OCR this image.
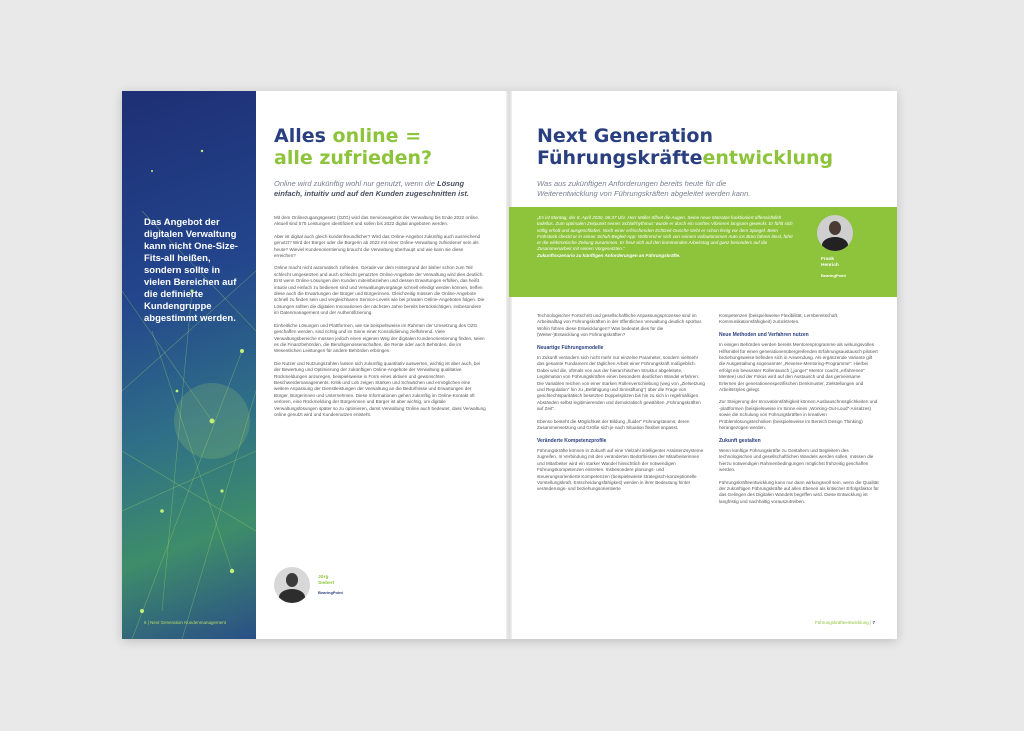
Das Angebot der digitalen Verwaltung kann nicht One-Size-Fits-all heißen, sondern sollte in vielen Bereichen auf die definierte Kundengruppe abgestimmt werden.
6 | Next Generation Kundenmanagement
Alles online =
alle zufrieden?
Online wird zukünftig wohl nur genutzt, wenn die Lösung einfach, intuitiv und auf den Kunden zugeschnitten ist.

Mit dem Onlinezugangsgesetz (OZG) wird das Serviceangebot der Verwaltung bis Ende 2022 online. Aktuell sind 575 Leistungen identifiziert und sollen bis 2022 digital angeboten werden.

Aber ist digital auch gleich kundenfreundlicher? Wird das Online-Angebot zukünftig auch ausreichend genutzt? Wird der Bürger oder die Bürgerin ab 2022 mit einer Online-Verwaltung zufriedener sein als heute? Wieviel Kundenorientierung braucht die Verwaltung überhaupt und wie kann sie diese erreichen?

Online macht nicht automatisch zufrieden. Gerade vor dem Hintergrund der bisher schon zum Teil schlecht umgesetzten und auch schlecht genutzten Online-Angebote der Verwaltung wird dies deutlich. Erst wenn Online-Lösungen den Kunden miteinbeziehen und dessen Erwartungen erfüllen, das heißt intuitiv und einfach zu bedienen sind und Verwaltungsvorgänge schnell erledigt werden können, treffen diese auch die Erwartungen der Bürger und Bürgerinnen. Gleichzeitig müssen die Online-Angebote schnell zu finden sein und vergleichbaren Service-Levels wie bei privaten Online-Angeboten folgen. Die Lösungen sollten die digitalen Innovationen der nächsten Jahre bereits berücksichtigen, insbesondere im Datenmanagement und der Authentifizierung.

Einheitliche Lösungen und Plattformen, wie sie beispielsweise im Rahmen der Umsetzung des OZG geschaffen werden, sind richtig und im Sinne einer Konsolidierung zielführend. Viele Verwaltungsbereiche müssen jedoch einen eigenen Weg der digitalen Kundenorientierung finden, seien es die Finanzbehörden, die Berufsgenossenschaften, die Rente oder auch Behörden, die im Wesentlichen Leistungen für andere Behörden erbringen.

Die Nutzer und Nutzungszahlen lassen sich zukünftig quantitativ auswerten, wichtig ist aber auch, bei der Bewertung und Optimierung der zukünftigen Online-Angebote der Verwaltung qualitative Rückmeldungen anzuregen, beispielsweise in Form eines aktiven und gewünschten Beschwerdemanagements. Kritik und Lob zeigen Stärken und Schwächen und ermöglichen eine weitere Anpassung der Dienstleistungen der Verwaltung an die Bedürfnisse und Erwartungen der Bürger, Bürgerinnen und Unternehmen. Diese Informationen gehen zukünftig im Online-Kontakt oft verloren, eine Rückmeldung der Bürgerinnen und Bürger ist aber wichtig, um digitale Verwaltungslösungen später so zu optimieren, damit Verwaltung Online auch bedeutet, dass Verwaltung online genutzt wird und Kundennutzen entsteht.

Jörg
Siebert
BearingPoint
Next Generation
Führungskräfteentwicklung
Was aus zukünftigen Anforderungen bereits heute für die Weiterentwicklung von Führungskräften abgeleitet werden kann.
„Es ist Montag, der 8. April 2030, 06:37 Uhr. Herr Müller öffnet die Augen. Seine neue Matratze funktioniert offensichtlich tadellos. Zum optimalen Zeitpunkt seines Schlafrhythmus' wurde er durch ein sanftes Vibrieren langsam geweckt. Er fühlt sich völlig erholt und ausgeschlafen. Noch einer erfrischenden Echtzeit-Dusche steht er schon fertig vor dem Spiegel. Beim Frühstück checkt er in seiner Schuh-Begleit-App: Während er sich von seinem vollautonomen Auto ins Büro fahren lässt, führt er die elektronische Zeitung zusammen. Er freut sich auf den kommenden Arbeitstag und ganz besonders auf die Zusammenarbeit mit seinen Vorgesetzten.“
Zukunftsszenario zu künftigen Anforderungen an Führungskräfte.
Frank
Henrich
BearingPoint

Technologischer Fortschritt und gesellschaftliche Anpassungsprozesse sind im Arbeitsalltag von Führungskräften in der öffentlichen Verwaltung deutlich spürbar. Wohin führen diese Entwicklungen? Was bedeutet dies für die (Weiter-)Entwicklung von Führungskräften?

Neuartige Führungsmodelle

In Zukunft verändern sich nicht mehr nur einzelne Parameter, sondern vielmehr das gesamte Fundament der täglichen Arbeit einer Führungskraft maßgeblich. Dabei wird die, oftmals von aus der hierarchischen Struktur abgeleitete, Legitimation von Führungskräften einen besonders deutlichen Wandel erfahren: Die Variablen reichen von einer starken Rollenverschiebung (weg von „Zielsetzung und Regulation“ hin zu „Befähigung und Sinnstiftung“) über die Frage von geschlechtsparitätisch besetzten Doppelspitzen bis hin zu sich in regelmäßigen Abständen selbst legitimierenden und demokratisch gewählten „Führungskräften auf Zeit“.

Ebenso besteht die Möglichkeit der Bildung „fluider“ Führungsteams, deren Zusammensetzung und Größe sich je nach Situation flexibel anpasst.

Veränderte Kompetenzprofile

Führungskräfte können in Zukunft auf eine Vielzahl intelligenter Assistenzsysteme zugreifen. In Verbindung mit den veränderten Bedürfnissen der Mitarbeiterinnen und Mitarbeiter wird ein starker Wandel hinsichtlich der notwendigen Führungskompetenzen eintreten. Insbesondere planungs- und steuerungsorientierte Kompetenzen (beispielsweise strategisch-konzeptionelle Vorstellungskraft, Entscheidungsfähigkeit) werden in ihrer Bedeutung hinter veränderungs- und beziehungsorientierte

Kompetenzen (beispielsweise Flexibilität, Lernbereitschaft, Kommunikationsfähigkeit) zurücktreten.

Neue Methoden und Verfahren nutzen

In einigen Behörden werden bereits Mentorenprogramme als wirkungsvolles Hilfsmittel für einen generationenübergreifenden Erfahrungsaustausch pilotiert beziehungsweise befinden sich in Anwendung. Als ergänzende Variante gilt die Ausgestaltung sogenannter „Reverse-Mentoring-Programme“: Hierbei erfolgt ein bewusster Rollentausch („junger“ Mentor coacht „erfahrenen“ Mentee) und der Fokus wird auf den Austausch und das gemeinsame Erlernen der generationenspezifischen Denkmuster, Zielstellungen und Arbeitsstyles gelegt.

Zur Steigerung der Innovationsfähigkeit können Ausbauschnüsglichkeiten und -plattformen (beispielsweise im Sinne eines „Working-Out-Loud“-Ansatzes) sowie die Schulung von Führungskräften in kreativen Problemlösungstechniken (beispielsweise im Bereich Design Thinking) herangezogen werden.

Zukunft gestalten

Wenn künftige Führungskräfte zu Gestaltern und Begleitern des technologischen und gesellschaftlichen Wandels werden sollen, müssen die hierzu notwendigen Rahmenbedingungen möglichst frühzeitig geschaffen werden.

Führungskräfteentwicklung kann nur dann wirkungsvoll sein, wenn die Qualität der zukünftigen Führungskräfte auf allen Ebenen als kritischer Erfolgsfaktor für das Gelingen des Digitalen Wandels begriffen wird. Diese Entwicklung ist langfristig und nachhaltig vorauszutreiben.

Führungskräfteentwicklung | 7
